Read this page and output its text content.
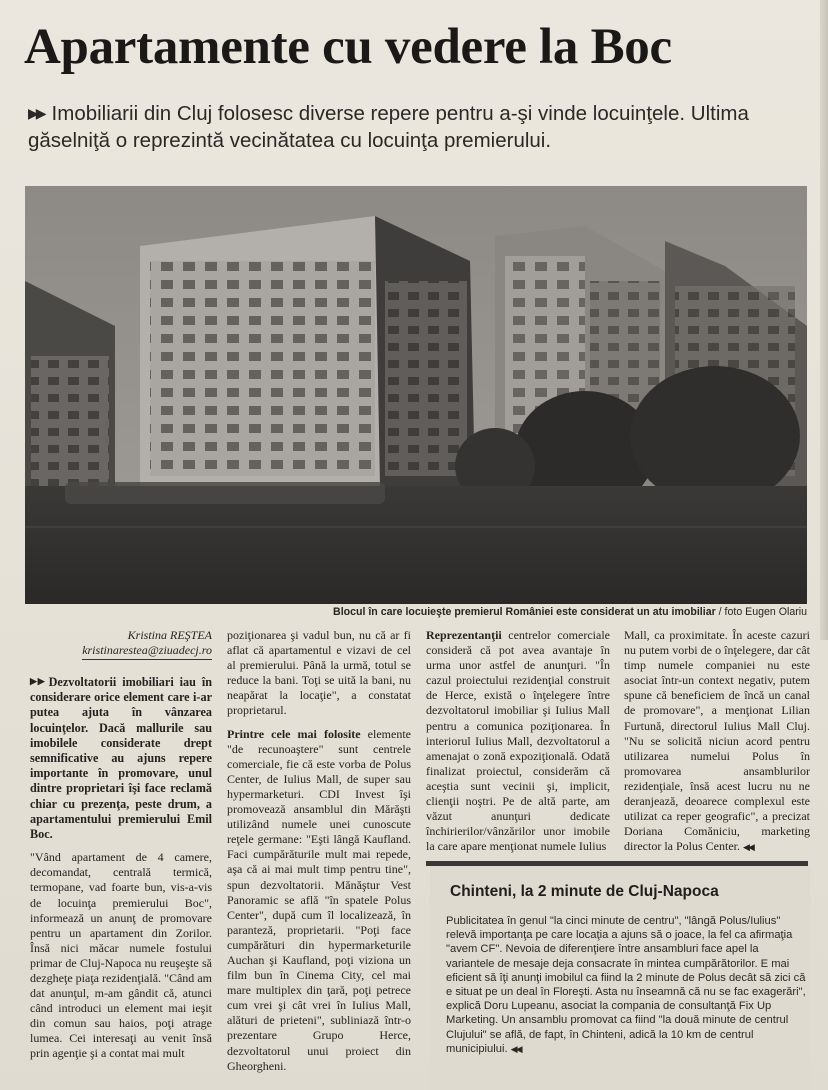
Apartamente cu vedere la Boc
▶▶ Imobiliarii din Cluj folosesc diverse repere pentru a-şi vinde locuinţele. Ultima găselniţă o reprezintă vecinătatea cu locuinţa premierului.
Blocul în care locuieşte premierul României este considerat un atu imobiliar / foto Eugen Olariu
Kristina REŞTEA
kristinarestea@ziuadecj.ro

▶▶ Dezvoltatorii imobiliari iau în considerare orice element care i-ar putea ajuta în vânzarea locuinţelor. Dacă mallurile sau imobilele considerate drept semnificative au ajuns repere importante în promovare, unul dintre proprietari îşi face reclamă chiar cu prezenţa, peste drum, a apartamentului premierului Emil Boc.

"Vând apartament de 4 camere, decomandat, centrală termică, termopane, vad foarte bun, vis-a-vis de locuinţa premierului Boc", informează un anunţ de promovare pentru un apartament din Zorilor. Însă nici măcar numele fostului primar de Cluj-Napoca nu reuşeşte să dezgheţe piaţa rezidenţială. "Când am dat anunţul, m-am gândit că, atunci când introduci un element mai ieşit din comun sau haios, poţi atrage lumea. Cei interesaţi au venit însă prin agenţie şi a contat mai mult

poziţionarea şi vadul bun, nu că ar fi aflat că apartamentul e vizavi de cel al premierului. Până la urmă, totul se reduce la bani. Toţi se uită la bani, nu neapărat la locaţie", a constatat proprietarul.

Printre cele mai folosite elemente "de recunoaştere" sunt centrele comerciale, fie că este vorba de Polus Center, de Iulius Mall, de super sau hypermarketuri. CDI Invest îşi promovează ansamblul din Mărăşti utilizând numele unei cunoscute reţele germane: "Eşti lângă Kaufland. Faci cumpărăturile mult mai repede, aşa că ai mai mult timp pentru tine", spun dezvoltatorii. Mănăştur Vest Panoramic se află "în spatele Polus Center", după cum îl localizează, în paranteză, proprietarii. "Poţi face cumpărături din hypermarketurile Auchan şi Kaufland, poţi viziona un film bun în Cinema City, cel mai mare multiplex din ţară, poţi petrece cum vrei şi cât vrei în Iulius Mall, alături de prieteni", subliniază într-o prezentare Grupo Herce, dezvoltatorul unui proiect din Gheorgheni.

Reprezentanţii centrelor comerciale consideră că pot avea avantaje în urma unor astfel de anunţuri. "În cazul proiectului rezidenţial construit de Herce, există o înţelegere între dezvoltatorul imobiliar şi Iulius Mall pentru a comunica poziţionarea. În interiorul Iulius Mall, dezvoltatorul a amenajat o zonă expoziţională. Odată finalizat proiectul, considerăm că aceştia sunt vecinii şi, implicit, clienţii noştri. Pe de altă parte, am văzut anunţuri dedicate închirierilor/vânzărilor unor imobile la care apare menţionat numele Iulius

Mall, ca proximitate. În aceste cazuri nu putem vorbi de o înţelegere, dar cât timp numele companiei nu este asociat într-un context negativ, putem spune că beneficiem de încă un canal de promovare", a menţionat Lilian Furtună, directorul Iulius Mall Cluj. "Nu se solicită niciun acord pentru utilizarea numelui Polus în promovarea ansamblurilor rezidenţiale, însă acest lucru nu ne deranjează, deoarece complexul este utilizat ca reper geografic", a precizat Doriana Comăniciu, marketing director la Polus Center. ◀◀

Chinteni, la 2 minute de Cluj-Napoca

Publicitatea în genul "la cinci minute de centru", "lângă Polus/Iulius" relevă importanţa pe care locaţia a ajuns să o joace, la fel ca afirmaţia "avem CF". Nevoia de diferenţiere între ansambluri face apel la variantele de mesaje deja consacrate în mintea cumpărătorilor. E mai eficient să îţi anunţi imobilul ca fiind la 2 minute de Polus decât să zici că e situat pe un deal în Floreşti. Asta nu înseamnă că nu se fac exagerări", explică Doru Lupeanu, asociat la compania de consultanţă Fix Up Marketing. Un ansamblu promovat ca fiind "la două minute de centrul Clujului" se află, de fapt, în Chinteni, adică la 10 km de centrul municipiului. ◀◀
